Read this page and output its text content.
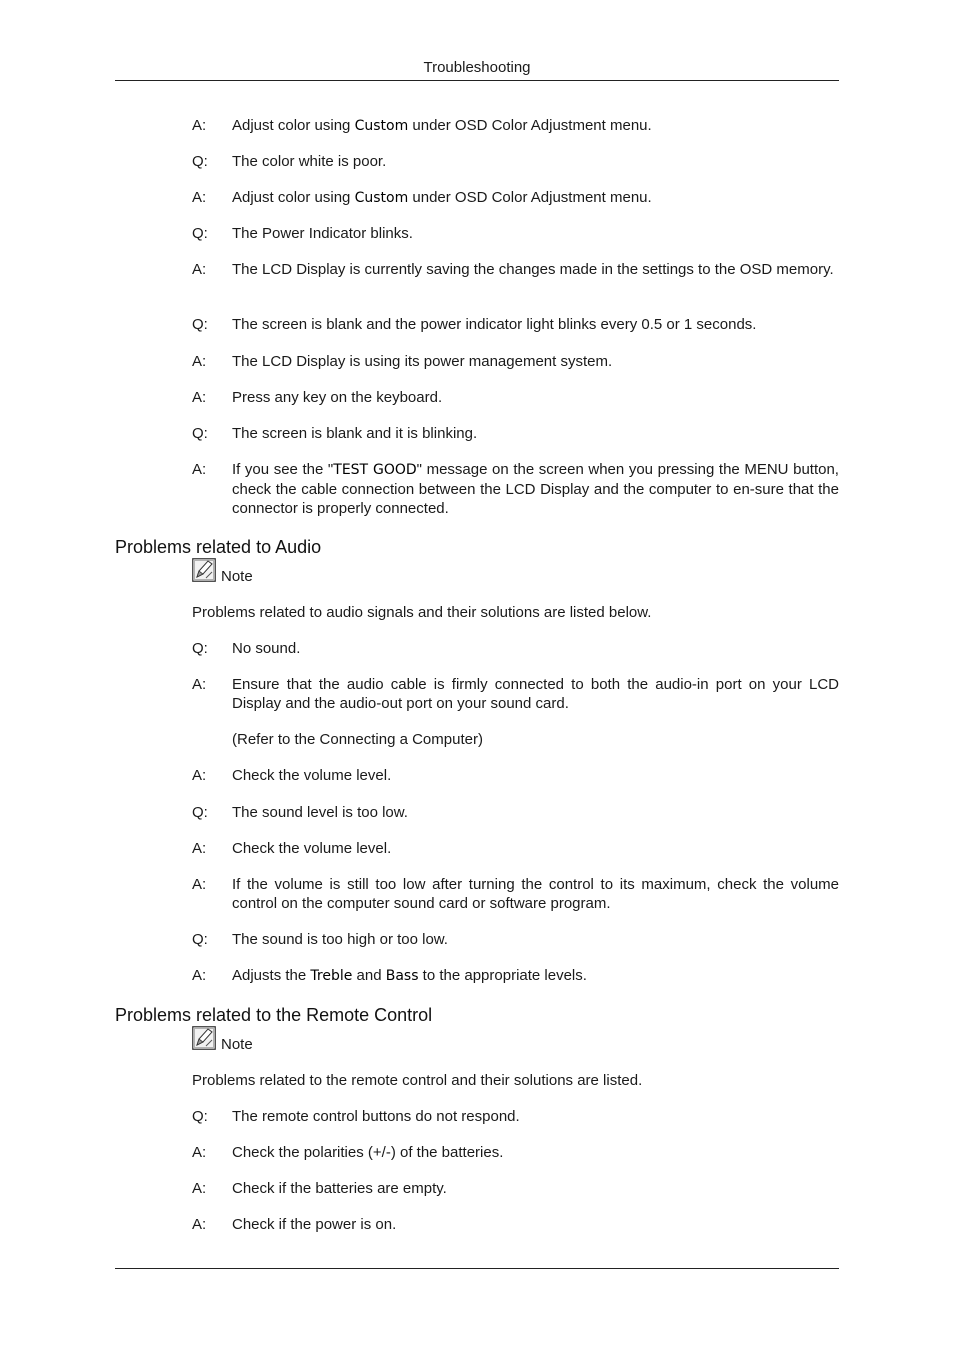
Troubleshooting
A:	Adjust color using Custom under OSD Color Adjustment menu.
Q:	The color white is poor.
A:	Adjust color using Custom under OSD Color Adjustment menu.
Q:	The Power Indicator blinks.
A:	The LCD Display is currently saving the changes made in the settings to the OSD memory.
Q:	The screen is blank and the power indicator light blinks every 0.5 or 1 seconds.
A:	The LCD Display is using its power management system.
A:	Press any key on the keyboard.
Q:	The screen is blank and it is blinking.
A:	If you see the "TEST GOOD" message on the screen when you pressing the MENU button, check the cable connection between the LCD Display and the computer to en-sure that the connector is properly connected.
Problems related to Audio
Note
Problems related to audio signals and their solutions are listed below.
Q:	No sound.
A:	Ensure that the audio cable is firmly connected to both the audio-in port on your LCD Display and the audio-out port on your sound card.
(Refer to the Connecting a Computer)
A:	Check the volume level.
Q:	The sound level is too low.
A:	Check the volume level.
A:	If the volume is still too low after turning the control to its maximum, check the volume control on the computer sound card or software program.
Q:	The sound is too high or too low.
A:	Adjusts the Treble and Bass to the appropriate levels.
Problems related to the Remote Control
Note
Problems related to the remote control and their solutions are listed.
Q:	The remote control buttons do not respond.
A:	Check the polarities (+/-) of the batteries.
A:	Check if the batteries are empty.
A:	Check if the power is on.
